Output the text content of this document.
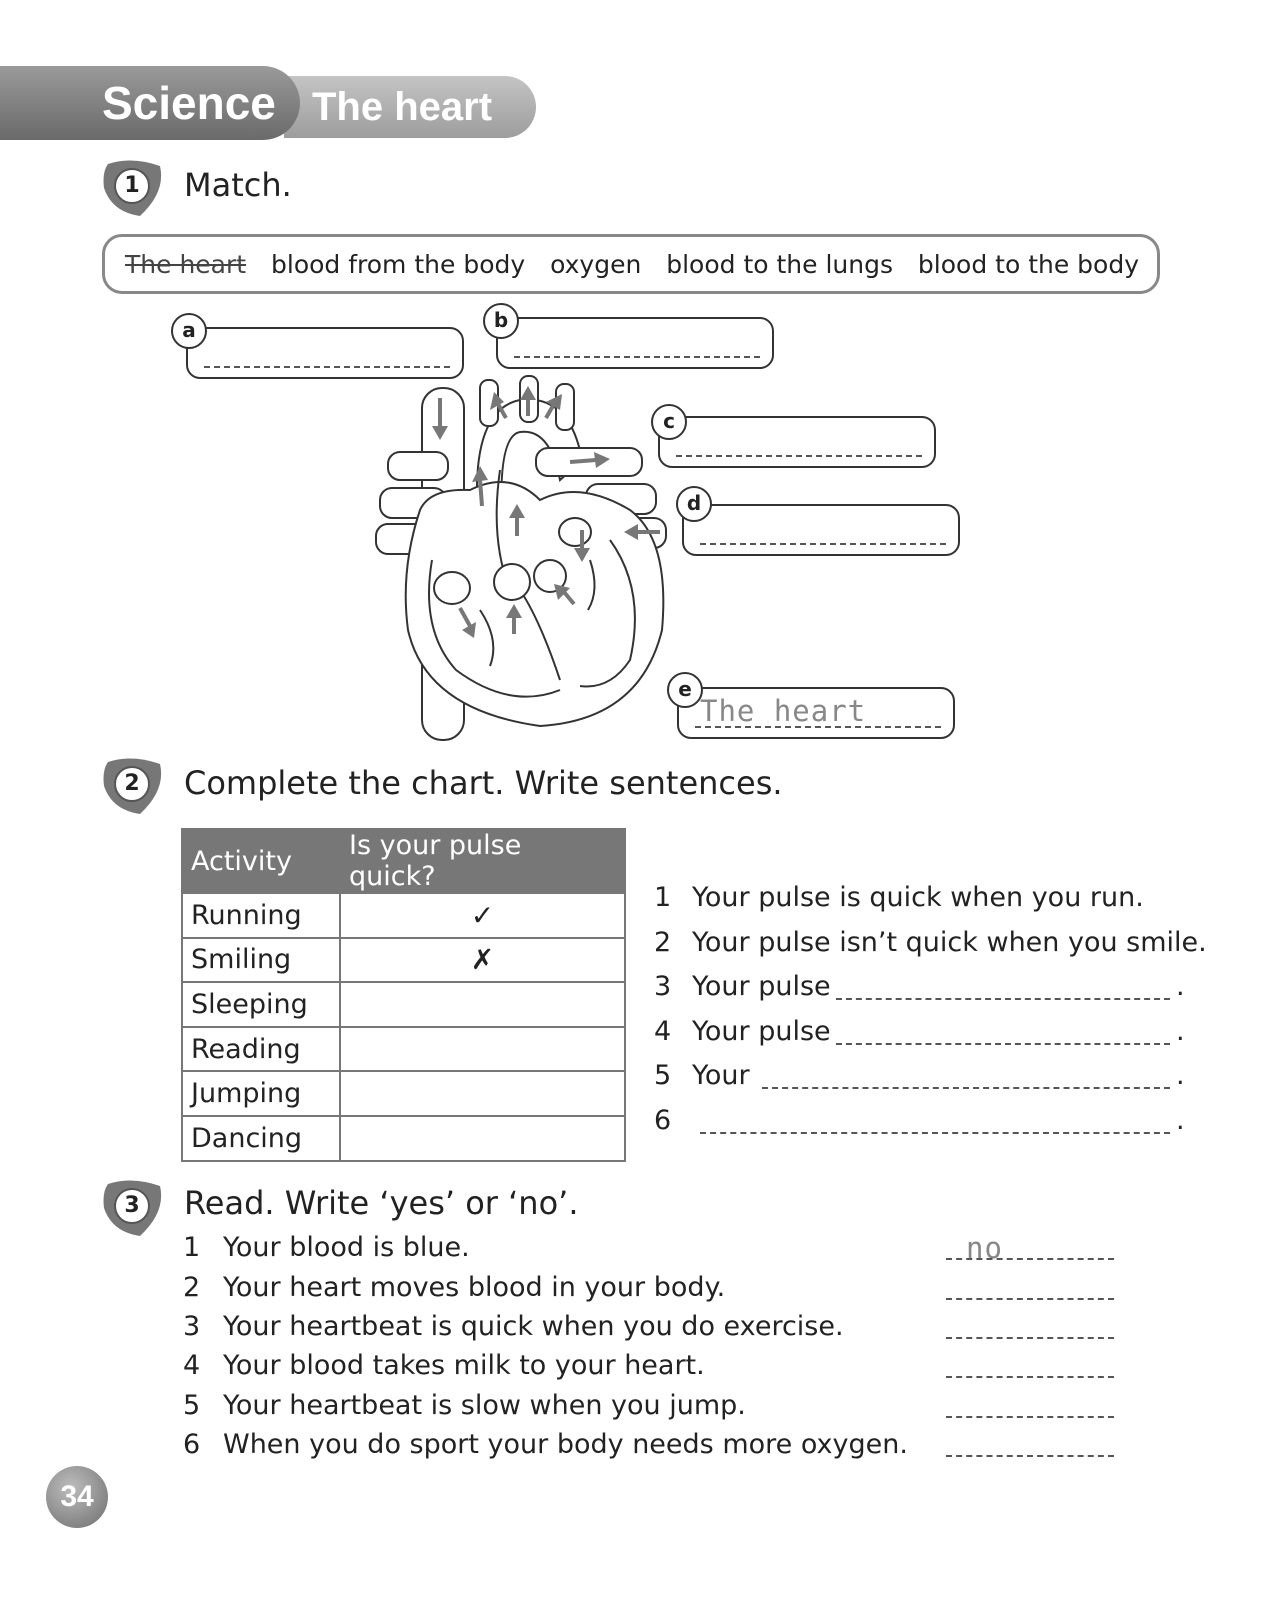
Science The heart
1	Match.
The heart blood from the body oxygen blood to the lungs blood to the body
a	b
c
d
e
The heart
2	Complete the chart. Write sentences.
Activity	Is your pulse quick?
Running	✓
Smiling	✗
Sleeping	
Reading	
Jumping	
Dancing	
1 Your pulse is quick when you run.
2 Your pulse isn’t quick when you smile.
3 Your pulse	.
4 Your pulse	.
5 Your	.
6	.
3	Read. Write ‘yes’ or ‘no’.
1 Your blood is blue.	no
2 Your heart moves blood in your body.
3 Your heartbeat is quick when you do exercise.
4 Your blood takes milk to your heart.
5 Your heartbeat is slow when you jump.
6 When you do sport your body needs more oxygen.
34
